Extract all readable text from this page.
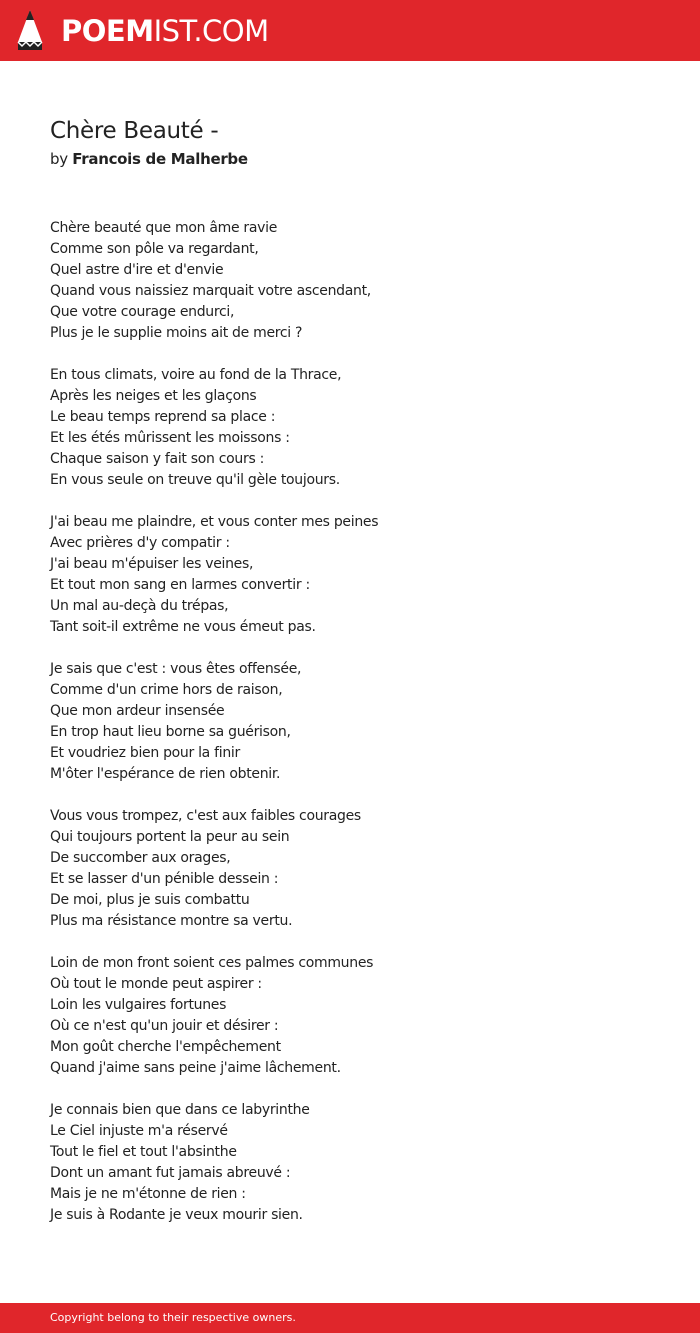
POEMIST.COM
Chère Beauté -
by Francois de Malherbe
Chère beauté que mon âme ravie
Comme son pôle va regardant,
Quel astre d'ire et d'envie
Quand vous naissiez marquait votre ascendant,
Que votre courage endurci,
Plus je le supplie moins ait de merci ?
En tous climats, voire au fond de la Thrace,
Après les neiges et les glaçons
Le beau temps reprend sa place :
Et les étés mûrissent les moissons :
Chaque saison y fait son cours :
En vous seule on treuve qu'il gèle toujours.
J'ai beau me plaindre, et vous conter mes peines
Avec prières d'y compatir :
J'ai beau m'épuiser les veines,
Et tout mon sang en larmes convertir :
Un mal au-deçà du trépas,
Tant soit-il extrême ne vous émeut pas.
Je sais que c'est : vous êtes offensée,
Comme d'un crime hors de raison,
Que mon ardeur insensée
En trop haut lieu borne sa guérison,
Et voudriez bien pour la finir
M'ôter l'espérance de rien obtenir.
Vous vous trompez, c'est aux faibles courages
Qui toujours portent la peur au sein
De succomber aux orages,
Et se lasser d'un pénible dessein :
De moi, plus je suis combattu
Plus ma résistance montre sa vertu.
Loin de mon front soient ces palmes communes
Où tout le monde peut aspirer :
Loin les vulgaires fortunes
Où ce n'est qu'un jouir et désirer :
Mon goût cherche l'empêchement
Quand j'aime sans peine j'aime lâchement.
Je connais bien que dans ce labyrinthe
Le Ciel injuste m'a réservé
Tout le fiel et tout l'absinthe
Dont un amant fut jamais abreuvé :
Mais je ne m'étonne de rien :
Je suis à Rodante je veux mourir sien.
Copyright belong to their respective owners.
